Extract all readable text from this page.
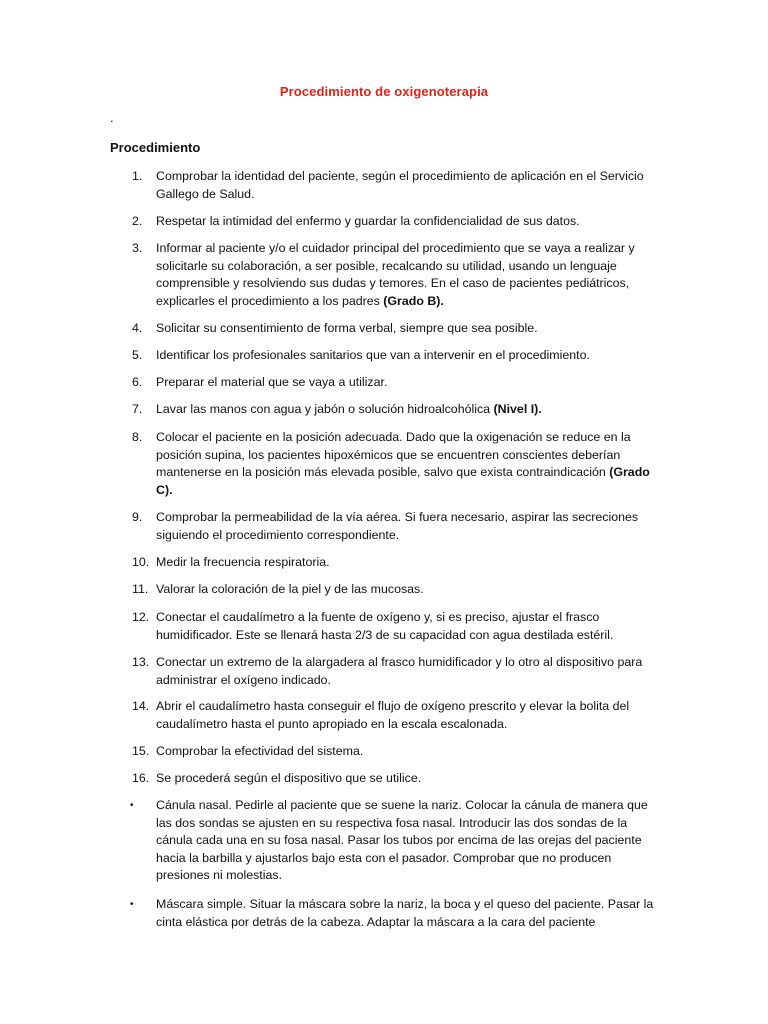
Procedimiento de oxigenoterapia
.
Procedimiento
1.	Comprobar la identidad del paciente, según el procedimiento de aplicación en el Servicio Gallego de Salud.
2.	Respetar la intimidad del enfermo y guardar la confidencialidad de sus datos.
3.	Informar al paciente y/o el cuidador principal del procedimiento que se vaya a realizar y solicitarle su colaboración, a ser posible, recalcando su utilidad, usando un lenguaje comprensible y resolviendo sus dudas y temores. En el caso de pacientes pediátricos, explicarles el procedimiento a los padres (Grado B).
4.	Solicitar su consentimiento de forma verbal, siempre que sea posible.
5.	Identificar los profesionales sanitarios que van a intervenir en el procedimiento.
6.	Preparar el material que se vaya a utilizar.
7.	Lavar las manos con agua y jabón o solución hidroalcohólica (Nivel I).
8.	Colocar el paciente en la posición adecuada. Dado que la oxigenación se reduce en la posición supina, los pacientes hipoxémicos que se encuentren conscientes deberían mantenerse en la posición más elevada posible, salvo que exista contraindicación (Grado C).
9.	Comprobar la permeabilidad de la vía aérea. Si fuera necesario, aspirar las secreciones siguiendo el procedimiento correspondiente.
10. Medir la frecuencia respiratoria.
11. Valorar la coloración de la piel y de las mucosas.
12. Conectar el caudalímetro a la fuente de oxígeno y, si es preciso, ajustar el frasco humidificador. Este se llenará hasta 2/3 de su capacidad con agua destilada estéril.
13. Conectar un extremo de la alargadera al frasco humidificador y lo otro al dispositivo para administrar el oxígeno indicado.
14. Abrir el caudalímetro hasta conseguir el flujo de oxígeno prescrito y elevar la bolita del caudalímetro hasta el punto apropiado en la escala escalonada.
15. Comprobar la efectividad del sistema.
16. Se procederá según el dispositivo que se utilice.
•	Cánula nasal. Pedirle al paciente que se suene la nariz. Colocar la cánula de manera que las dos sondas se ajusten en su respectiva fosa nasal. Introducir las dos sondas de la cánula cada una en su fosa nasal. Pasar los tubos por encima de las orejas del paciente hacia la barbilla y ajustarlos bajo esta con el pasador. Comprobar que no producen presiones ni molestias.
•	Máscara simple. Situar la máscara sobre la nariz, la boca y el queso del paciente. Pasar la cinta elástica por detrás de la cabeza. Adaptar la máscara a la cara del paciente
